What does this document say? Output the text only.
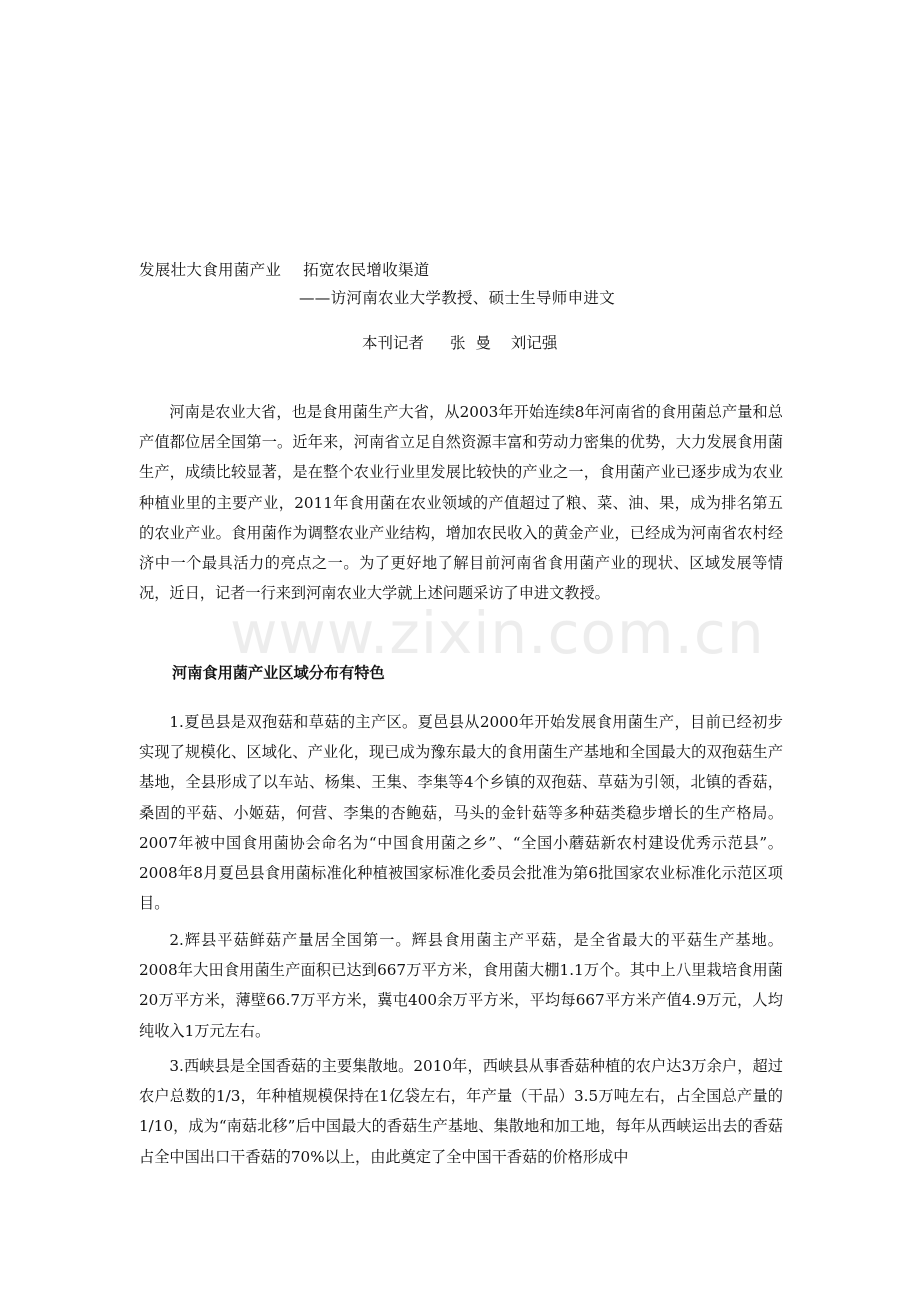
发展壮大食用菌产业 拓宽农民增收渠道
——访河南农业大学教授、硕士生导师申进文
本刊记者 张  曼 刘记强

河南是农业大省，也是食用菌生产大省，从2003年开始连续8年河南省的食用菌总产量和总产值都位居全国第一。近年来，河南省立足自然资源丰富和劳动力密集的优势，大力发展食用菌生产，成绩比较显著，是在整个农业行业里发展比较快的产业之一，食用菌产业已逐步成为农业种植业里的主要产业，2011年食用菌在农业领域的产值超过了粮、菜、油、果，成为排名第五的农业产业。食用菌作为调整农业产业结构，增加农民收入的黄金产业，已经成为河南省农村经济中一个最具活力的亮点之一。为了更好地了解目前河南省食用菌产业的现状、区域发展等情况，近日，记者一行来到河南农业大学就上述问题采访了申进文教授。

www.zixin.com.cn
河南食用菌产业区域分布有特色

1.夏邑县是双孢菇和草菇的主产区。夏邑县从2000年开始发展食用菌生产，目前已经初步实现了规模化、区域化、产业化，现已成为豫东最大的食用菌生产基地和全国最大的双孢菇生产基地，全县形成了以车站、杨集、王集、李集等4个乡镇的双孢菇、草菇为引领，北镇的香菇，桑固的平菇、小姬菇，何营、李集的杏鲍菇，马头的金针菇等多种菇类稳步增长的生产格局。2007年被中国食用菌协会命名为“中国食用菌之乡”、“全国小蘑菇新农村建设优秀示范县”。2008年8月夏邑县食用菌标准化种植被国家标准化委员会批准为第6批国家农业标准化示范区项目。

2.辉县平菇鲜菇产量居全国第一。辉县食用菌主产平菇，是全省最大的平菇生产基地。2008年大田食用菌生产面积已达到667万平方米，食用菌大棚1.1万个。其中上八里栽培食用菌20万平方米，薄壁66.7万平方米，冀屯400余万平方米，平均每667平方米产值4.9万元，人均纯收入1万元左右。

3.西峡县是全国香菇的主要集散地。2010年，西峡县从事香菇种植的农户达3万余户，超过农户总数的1/3，年种植规模保持在1亿袋左右，年产量（干品）3.5万吨左右，占全国总产量的1/10，成为“南菇北移”后中国最大的香菇生产基地、集散地和加工地，每年从西峡运出去的香菇占全中国出口干香菇的70%以上，由此奠定了全中国干香菇的价格形成中
